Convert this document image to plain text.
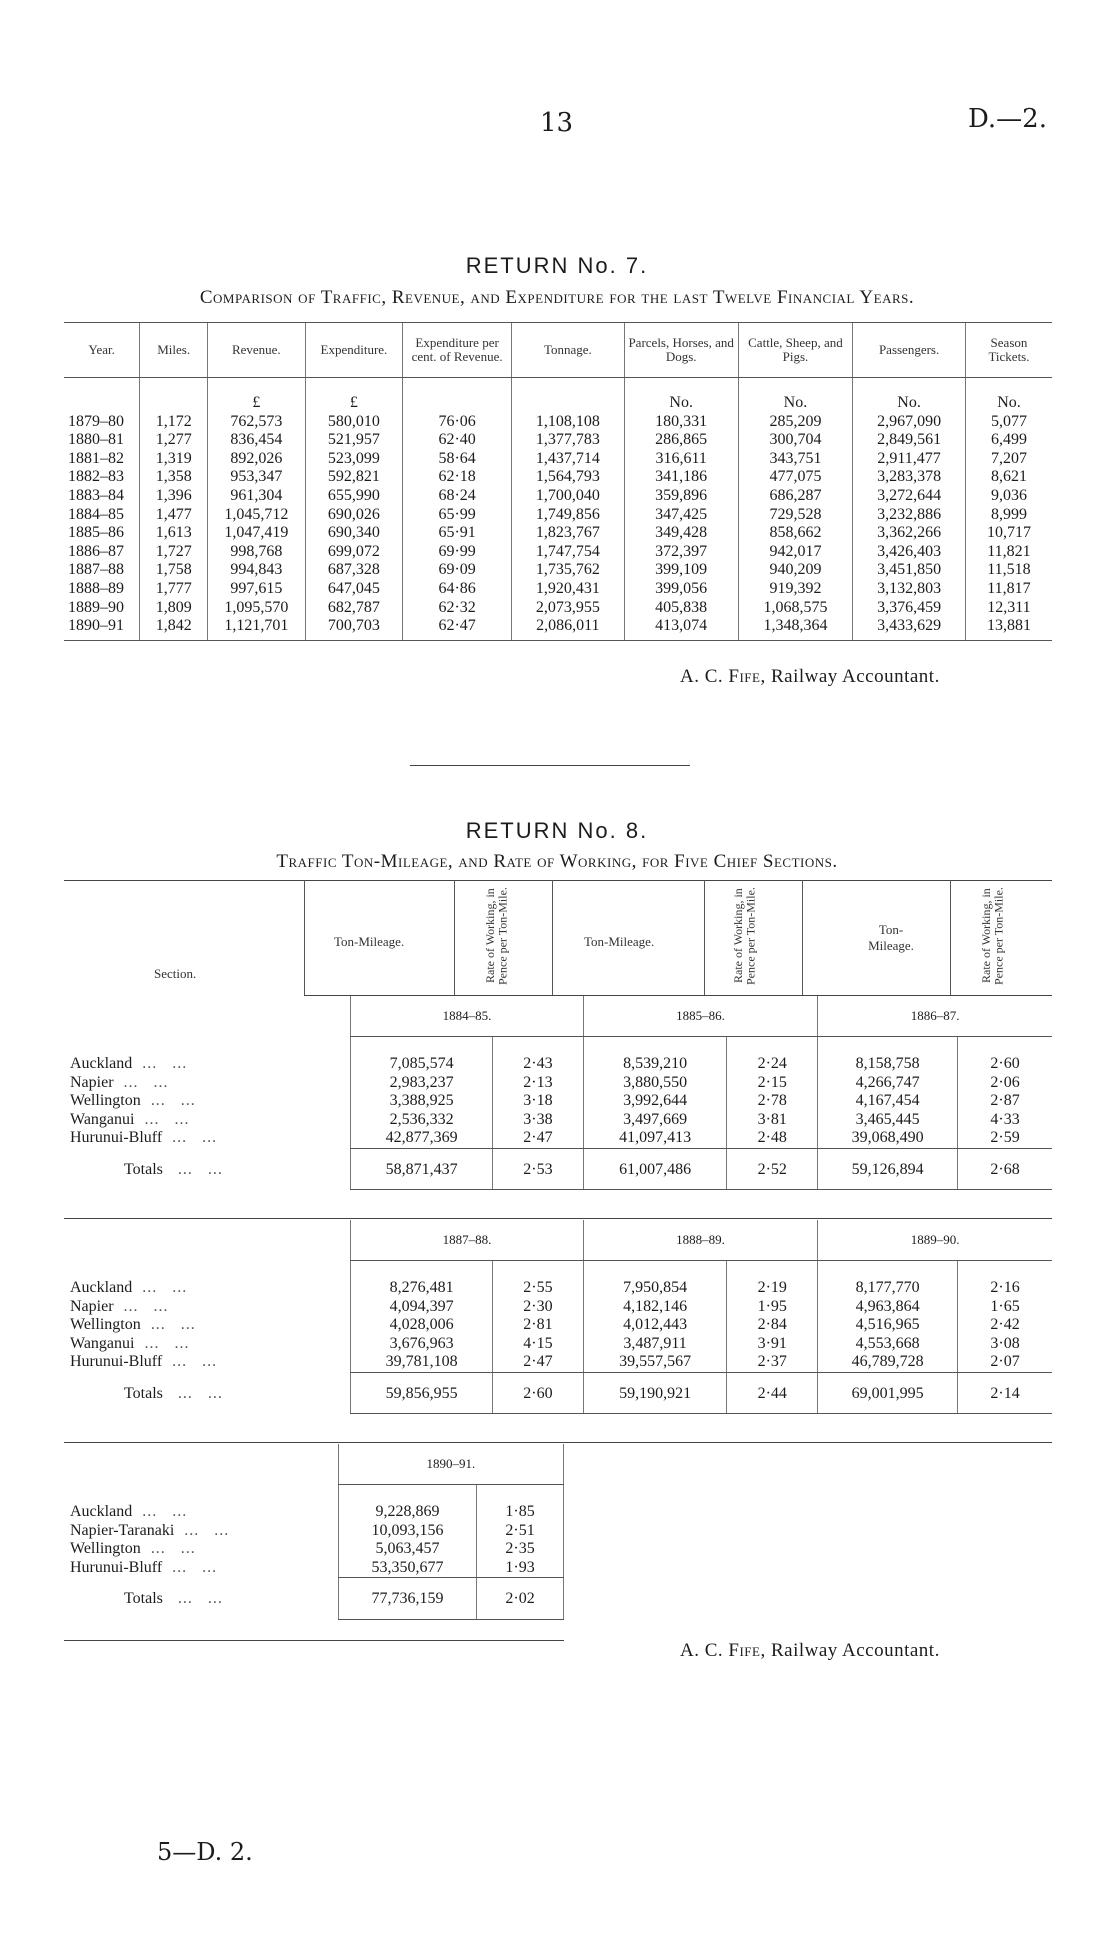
13	D.—2.
RETURN No. 7.
Comparison of Traffic, Revenue, and Expenditure for the last Twelve Financial Years.
Year.	Miles.	Revenue.	Expenditure.	Expenditure per cent. of Revenue.	Tonnage.	Parcels, Horses, and Dogs.	Cattle, Sheep, and Pigs.	Passengers.	Season Tickets.
		£	£			No.	No.	No.	No.
1879–80	1,172	762,573	580,010	76·06	1,108,108	180,331	285,209	2,967,090	5,077
1880–81	1,277	836,454	521,957	62·40	1,377,783	286,865	300,704	2,849,561	6,499
1881–82	1,319	892,026	523,099	58·64	1,437,714	316,611	343,751	2,911,477	7,207
1882–83	1,358	953,347	592,821	62·18	1,564,793	341,186	477,075	3,283,378	8,621
1883–84	1,396	961,304	655,990	68·24	1,700,040	359,896	686,287	3,272,644	9,036
1884–85	1,477	1,045,712	690,026	65·99	1,749,856	347,425	729,528	3,232,886	8,999
1885–86	1,613	1,047,419	690,340	65·91	1,823,767	349,428	858,662	3,362,266	10,717
1886–87	1,727	998,768	699,072	69·99	1,747,754	372,397	942,017	3,426,403	11,821
1887–88	1,758	994,843	687,328	69·09	1,735,762	399,109	940,209	3,451,850	11,518
1888–89	1,777	997,615	647,045	64·86	1,920,431	399,056	919,392	3,132,803	11,817
1889–90	1,809	1,095,570	682,787	62·32	2,073,955	405,838	1,068,575	3,376,459	12,311
1890–91	1,842	1,121,701	700,703	62·47	2,086,011	413,074	1,348,364	3,433,629	13,881
A. C. Fife, Railway Accountant.
RETURN No. 8.
Traffic Ton-Mileage, and Rate of Working, for Five Chief Sections.
Section.
Ton-Mileage.	Rate of Working, in Pence per Ton-Mile.	Ton-Mileage.	Rate of Working, in Pence per Ton-Mile.	Ton-Mileage.	Rate of Working, in Pence per Ton-Mile.
	1884–85.		1885–86.		1886–87.	

Auckland  ...   ...	7,085,574	2·43	8,539,210	2·24	8,158,758	2·60
Napier  ...   ...	2,983,237	2·13	3,880,550	2·15	4,266,747	2·06
Wellington  ...   ...	3,388,925	3·18	3,992,644	2·78	4,167,454	2·87
Wanganui  ...   ...	2,536,332	3·38	3,497,669	3·81	3,465,445	4·33
Hurunui-Bluff  ...   ...	42,877,369	2·47	41,097,413	2·48	39,068,490	2·59
Totals   ...   ...	58,871,437	2·53	61,007,486	2·52	59,126,894	2·68
	1887–88.		1888–89.		1889–90.	

Auckland  ...   ...	8,276,481	2·55	7,950,854	2·19	8,177,770	2·16
Napier  ...   ...	4,094,397	2·30	4,182,146	1·95	4,963,864	1·65
Wellington  ...   ...	4,028,006	2·81	4,012,443	2·84	4,516,965	2·42
Wanganui  ...   ...	3,676,963	4·15	3,487,911	3·91	4,553,668	3·08
Hurunui-Bluff  ...   ...	39,781,108	2·47	39,557,567	2·37	46,789,728	2·07
Totals   ...   ...	59,856,955	2·60	59,190,921	2·44	69,001,995	2·14
	1890–91.	

Auckland  ...   ...	9,228,869	1·85
Napier-Taranaki  ...   ...	10,093,156	2·51
Wellington  ...   ...	5,063,457	2·35
Hurunui-Bluff  ...   ...	53,350,677	1·93
Totals   ...   ...	77,736,159	2·02
A. C. Fife, Railway Accountant.
5—D. 2.
